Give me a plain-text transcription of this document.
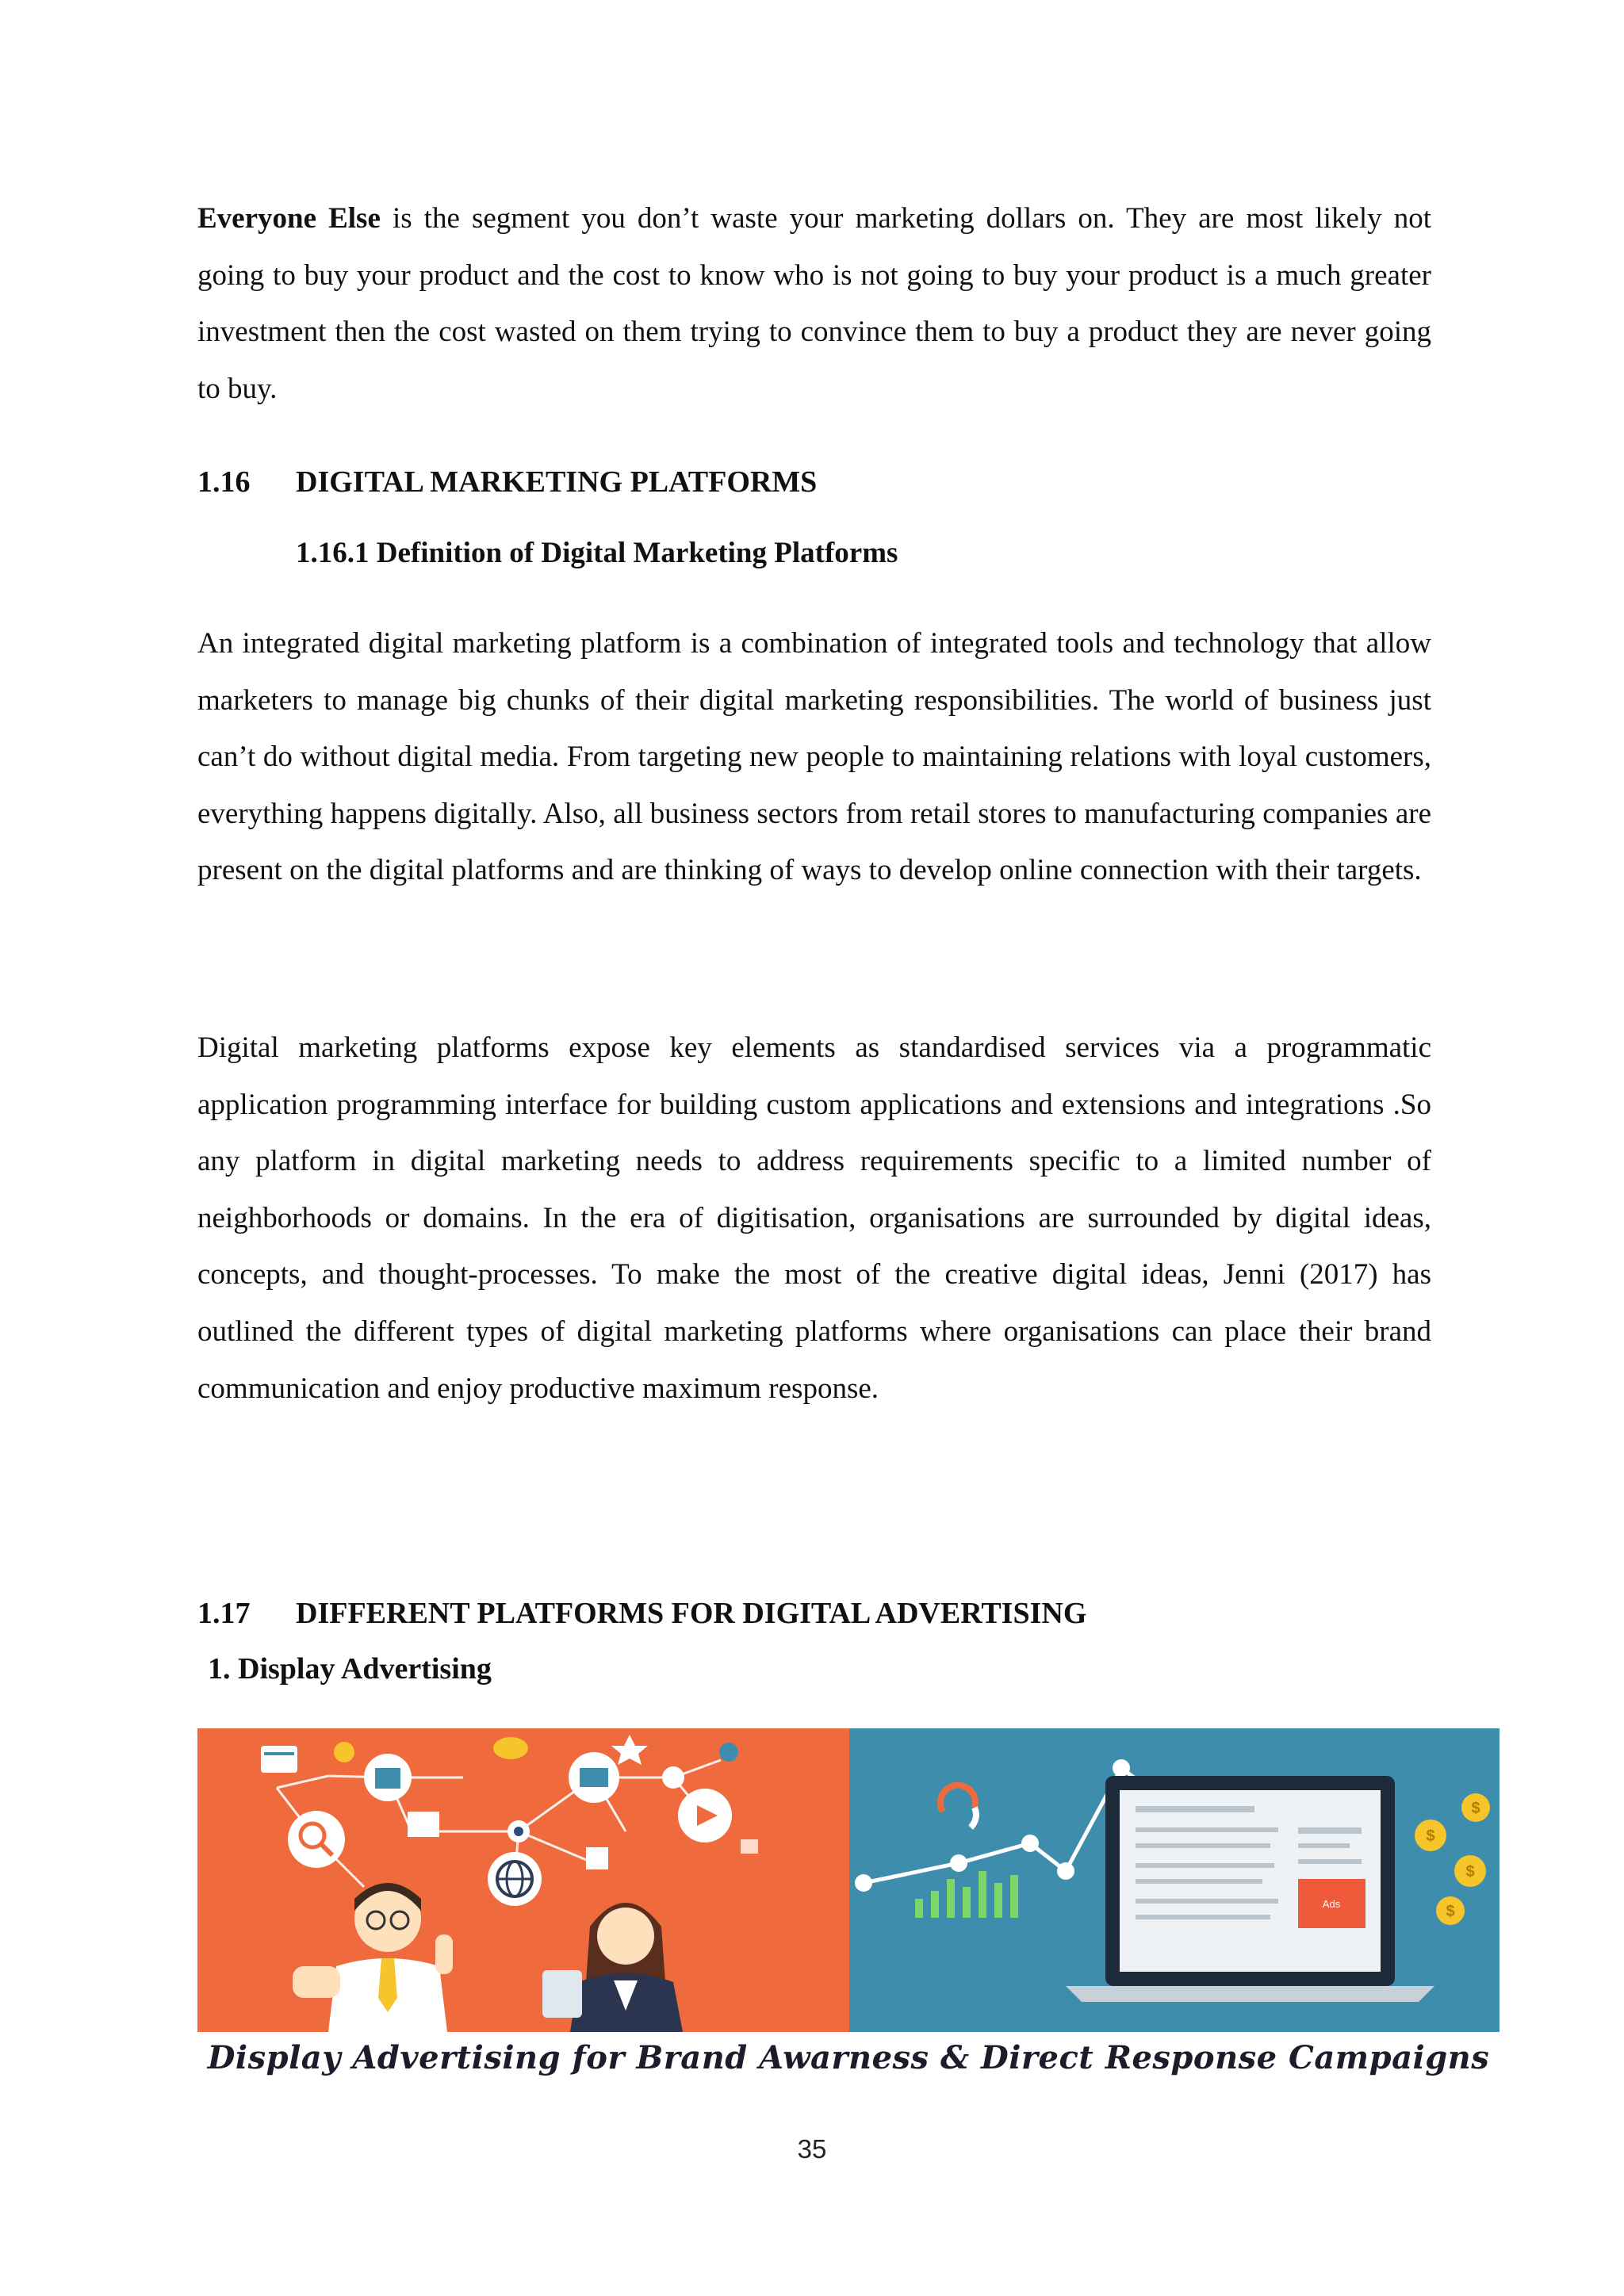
Everyone Else is the segment you don’t waste your marketing dollars on. They are most likely not going to buy your product and the cost to know who is not going to buy your product is a much greater investment then the cost wasted on them trying to convince them to buy a product they are never going to buy.

1.16 DIGITAL MARKETING PLATFORMS
1.16.1 Definition of Digital Marketing Platforms

An integrated digital marketing platform is a combination of integrated tools and technology that allow marketers to manage big chunks of their digital marketing responsibilities. The world of business just can’t do without digital media. From targeting new people to maintaining relations with loyal customers, everything happens digitally. Also, all business sectors from retail stores to manufacturing companies are present on the digital platforms and are thinking of ways to develop online connection with their targets.

Digital marketing platforms expose key elements as standardised services via a programmatic application programming interface for building custom applications and extensions and integrations .So any platform in digital marketing needs to address requirements specific to a limited number of neighborhoods or domains. In the era of digitisation, organisations are surrounded by digital ideas, concepts, and thought-processes. To make the most of the creative digital ideas, Jenni (2017) has outlined the different types of digital marketing platforms where organisations can place their brand communication and enjoy productive maximum response.

1.17 DIFFERENT PLATFORMS FOR DIGITAL ADVERTISING
1. Display Advertising
Ads
$
$
$
$
Display Advertising for Brand Awarness & Direct Response Campaigns
35
